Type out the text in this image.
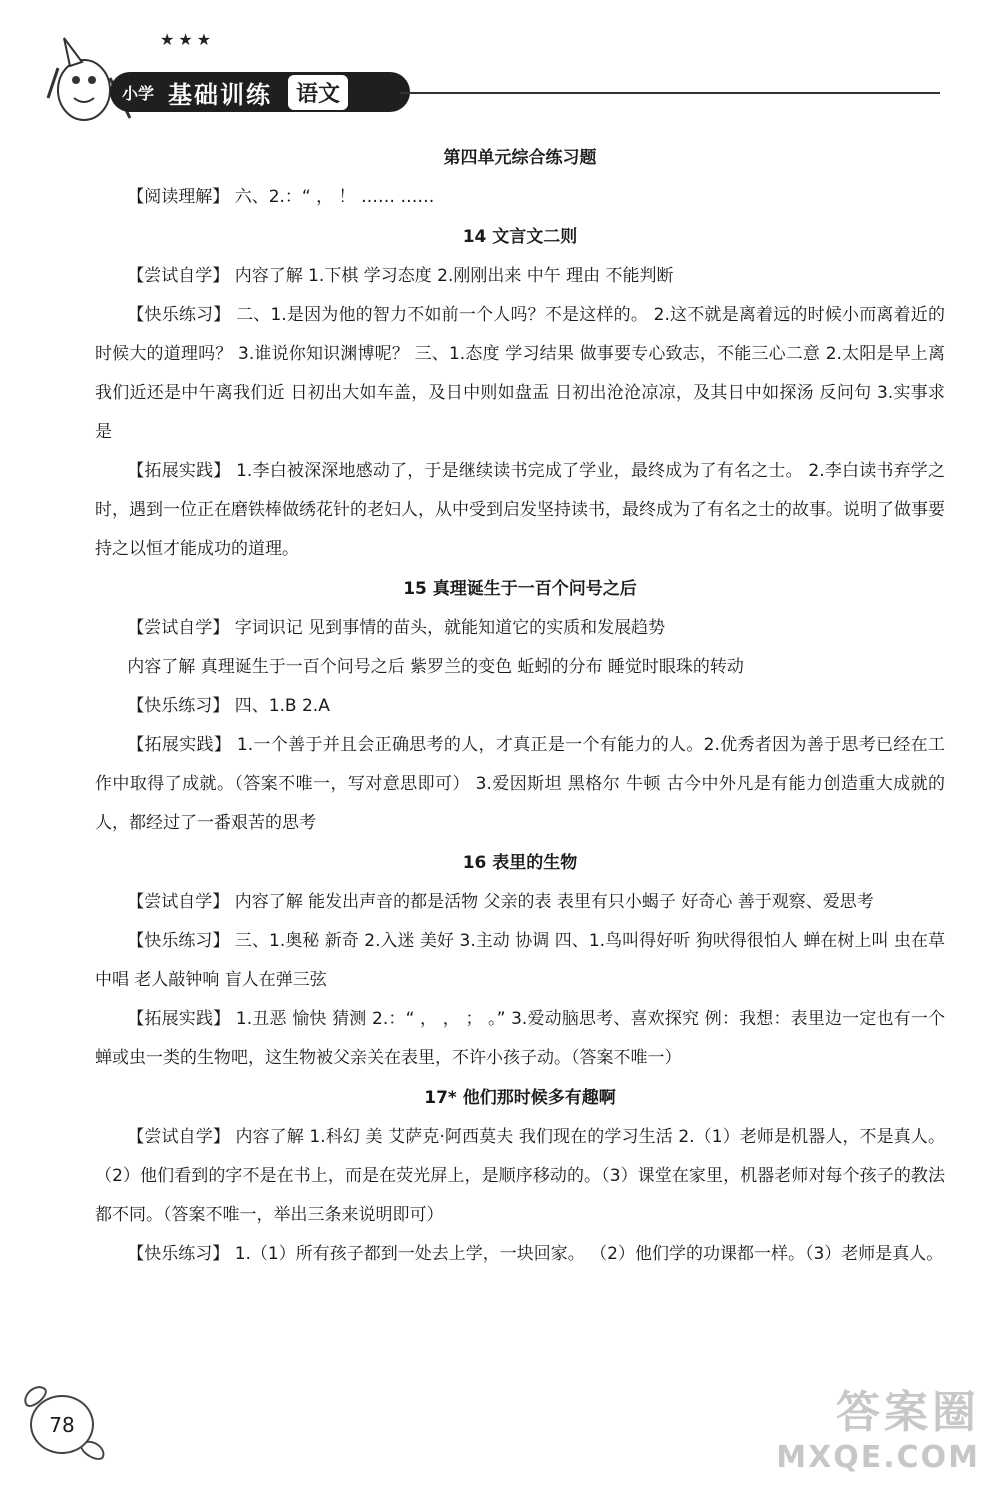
★★★
小学 基础训练	语文
第四单元综合练习题
【阅读理解】 六、2.：“ ， ！ …… ……
14 文言文二则
【尝试自学】 内容了解 1.下棋 学习态度 2.刚刚出来 中午 理由 不能判断
【快乐练习】 二、1.是因为他的智力不如前一个人吗？不是这样的。 2.这不就是离着远的时候小而离着近的时候大的道理吗？ 3.谁说你知识渊博呢？ 三、1.态度 学习结果 做事要专心致志，不能三心二意 2.太阳是早上离我们近还是中午离我们近 日初出大如车盖，及日中则如盘盂 日初出沧沧凉凉，及其日中如探汤 反问句 3.实事求是
【拓展实践】 1.李白被深深地感动了，于是继续读书完成了学业，最终成为了有名之士。 2.李白读书弃学之时，遇到一位正在磨铁棒做绣花针的老妇人，从中受到启发坚持读书，最终成为了有名之士的故事。说明了做事要持之以恒才能成功的道理。
15 真理诞生于一百个问号之后
【尝试自学】 字词识记 见到事情的苗头，就能知道它的实质和发展趋势
内容了解 真理诞生于一百个问号之后 紫罗兰的变色 蚯蚓的分布 睡觉时眼珠的转动
【快乐练习】 四、1.B 2.A
【拓展实践】 1.一个善于并且会正确思考的人，才真正是一个有能力的人。2.优秀者因为善于思考已经在工作中取得了成就。（答案不唯一，写对意思即可） 3.爱因斯坦 黑格尔 牛顿 古今中外凡是有能力创造重大成就的人，都经过了一番艰苦的思考
16 表里的生物
【尝试自学】 内容了解 能发出声音的都是活物 父亲的表 表里有只小蝎子 好奇心 善于观察、爱思考
【快乐练习】 三、1.奥秘 新奇 2.入迷 美好 3.主动 协调 四、1.鸟叫得好听 狗吠得很怕人 蝉在树上叫 虫在草中唱 老人敲钟响 盲人在弹三弦
【拓展实践】 1.丑恶 愉快 猜测 2.：“ ， ， ； 。” 3.爱动脑思考、喜欢探究 例：我想：表里边一定也有一个蝉或虫一类的生物吧，这生物被父亲关在表里，不许小孩子动。（答案不唯一）
17* 他们那时候多有趣啊
【尝试自学】 内容了解 1.科幻 美 艾萨克·阿西莫夫 我们现在的学习生活 2.（1）老师是机器人，不是真人。 （2）他们看到的字不是在书上，而是在荧光屏上，是顺序移动的。（3）课堂在家里，机器老师对每个孩子的教法都不同。（答案不唯一，举出三条来说明即可）
【快乐练习】 1.（1）所有孩子都到一处去上学，一块回家。 （2）他们学的功课都一样。（3）老师是真人。
78	答案圈
MXQE.COM
